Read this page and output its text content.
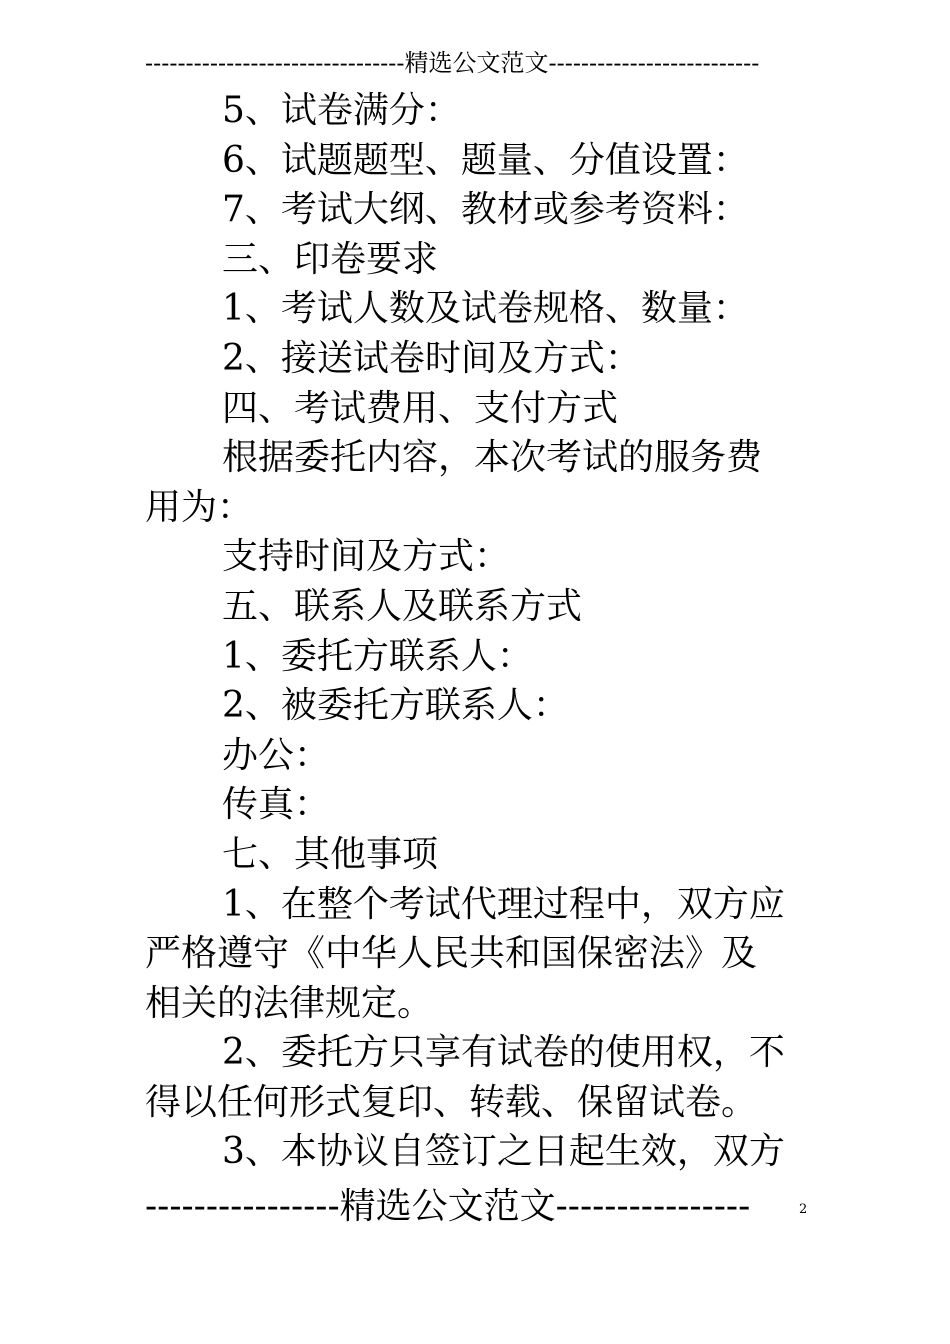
--------------------------------精选公文范文--------------------------
5、试卷满分：
6、试题题型、题量、分值设置：
7、考试大纲、教材或参考资料：
三、印卷要求
1、考试人数及试卷规格、数量：
2、接送试卷时间及方式：
四、考试费用、支付方式
根据委托内容，本次考试的服务费
用为：
支持时间及方式：
五、联系人及联系方式
1、委托方联系人：
2、被委托方联系人：
办公：
传真：
七、其他事项
1、在整个考试代理过程中，双方应
严格遵守《中华人民共和国保密法》及
相关的法律规定。
2、委托方只享有试卷的使用权，不
得以任何形式复印、转载、保留试卷。
3、本协议自签订之日起生效，双方
----------------精选公文范文----------------	2
